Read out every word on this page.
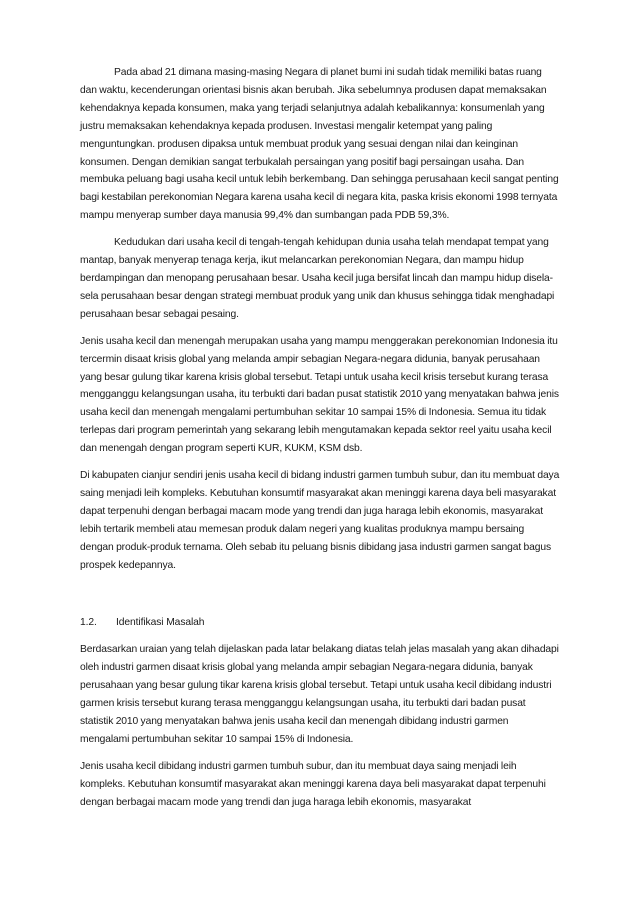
Pada abad 21 dimana masing-masing Negara di planet bumi ini sudah tidak memiliki batas ruang dan waktu, kecenderungan orientasi bisnis akan berubah. Jika sebelumnya produsen dapat memaksakan kehendaknya kepada konsumen, maka yang terjadi selanjutnya adalah kebalikannya: konsumenlah yang justru memaksakan kehendaknya kepada produsen. Investasi mengalir ketempat yang paling menguntungkan. produsen dipaksa untuk membuat produk yang sesuai dengan nilai dan keinginan konsumen. Dengan demikian sangat terbukalah persaingan yang positif bagi persaingan usaha. Dan membuka peluang bagi usaha kecil untuk lebih berkembang. Dan sehingga perusahaan kecil sangat penting bagi kestabilan perekonomian Negara karena usaha kecil di negara kita, paska krisis ekonomi 1998 ternyata mampu menyerap sumber daya manusia 99,4% dan sumbangan pada PDB 59,3%.

Kedudukan dari usaha kecil di tengah-tengah kehidupan dunia usaha telah mendapat tempat yang mantap, banyak menyerap tenaga kerja, ikut melancarkan perekonomian Negara, dan mampu hidup berdampingan dan menopang perusahaan besar. Usaha kecil juga bersifat lincah dan mampu hidup disela-sela perusahaan besar dengan strategi membuat produk yang unik dan khusus sehingga tidak menghadapi perusahaan besar sebagai pesaing.

Jenis usaha kecil dan menengah merupakan usaha yang mampu menggerakan perekonomian Indonesia itu tercermin disaat krisis global yang melanda ampir sebagian Negara-negara didunia, banyak perusahaan yang besar gulung tikar karena krisis global tersebut. Tetapi untuk usaha kecil krisis tersebut kurang terasa mengganggu kelangsungan usaha, itu terbukti dari badan pusat statistik 2010 yang menyatakan bahwa jenis usaha kecil dan menengah mengalami pertumbuhan sekitar 10 sampai 15% di Indonesia. Semua itu tidak terlepas dari program pemerintah yang sekarang lebih mengutamakan kepada sektor reel yaitu usaha kecil dan menengah dengan program seperti KUR, KUKM, KSM dsb.

Di kabupaten cianjur sendiri jenis usaha kecil di bidang industri garmen tumbuh subur, dan itu membuat daya saing menjadi leih kompleks. Kebutuhan konsumtif masyarakat akan meninggi karena daya beli masyarakat dapat terpenuhi dengan berbagai macam mode yang trendi dan juga haraga lebih ekonomis, masyarakat lebih tertarik membeli atau memesan produk dalam negeri yang kualitas produknya mampu bersaing dengan produk-produk ternama. Oleh sebab itu peluang bisnis dibidang jasa industri garmen sangat bagus prospek kedepannya.

1.2.	Identifikasi Masalah

Berdasarkan uraian yang telah dijelaskan pada latar belakang diatas telah jelas masalah yang akan dihadapi oleh industri garmen disaat krisis global yang melanda ampir sebagian Negara-negara didunia, banyak perusahaan yang besar gulung tikar karena krisis global tersebut. Tetapi untuk usaha kecil dibidang industri garmen krisis tersebut kurang terasa mengganggu kelangsungan usaha, itu terbukti dari badan pusat statistik 2010 yang menyatakan bahwa jenis usaha kecil dan menengah dibidang industri garmen mengalami pertumbuhan sekitar 10 sampai 15% di Indonesia.

Jenis usaha kecil dibidang industri garmen tumbuh subur, dan itu membuat daya saing menjadi leih kompleks. Kebutuhan konsumtif masyarakat akan meninggi karena daya beli masyarakat dapat terpenuhi dengan berbagai macam mode yang trendi dan juga haraga lebih ekonomis, masyarakat
